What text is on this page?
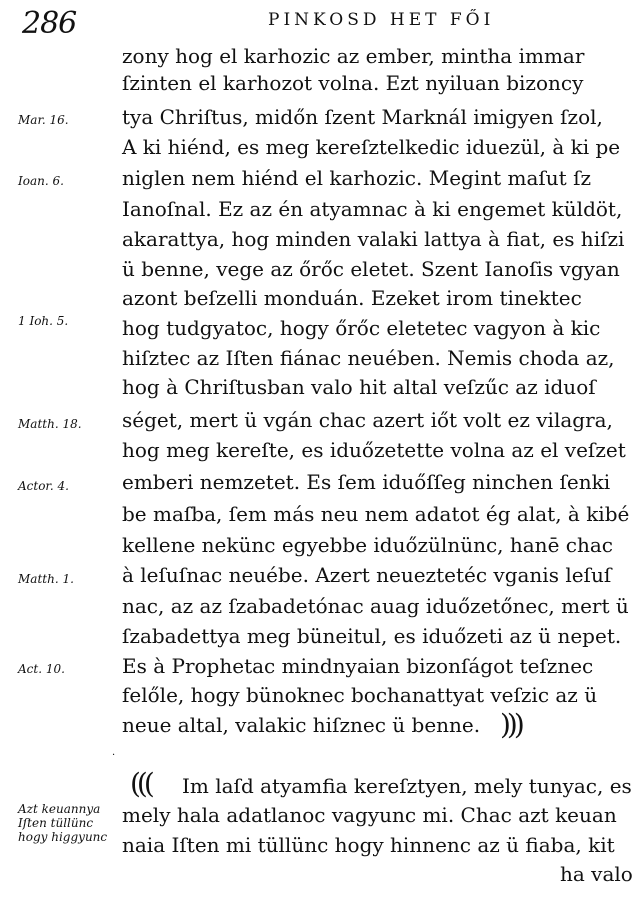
286	PINKOSD HET FŐI
zony hog el karhozic az ember, mintha immar
ſzinten el karhozot volna. Ezt nyiluan bizoncy
tya Chriſtus, midőn ſzent Marknál imigyen ſzol,
A ki hiénd, es meg kereſztelkedic iduezül, à ki pe
niglen nem hiénd el karhozic. Megint maſut ſz
Ianoſnal. Ez az én atyamnac à ki engemet küldöt,
akarattya, hog minden valaki lattya à fiat, es hiſzi
ü benne, vege az őrőc eletet. Szent Ianoſis vgyan
azont beſzelli monduán. Ezeket irom tinektec
hog tudgyatoc, hogy őrőc eletetec vagyon à kic
hiſztec az Iſten fiánac neuében. Nemis choda az,
hog à Chriſtusban valo hit altal veſzűc az iduoſ
séget, mert ü vgán chac azert iőt volt ez vilagra,
hog meg kereſte, es iduőzetette volna az el veſzet
emberi nemzetet. Es ſem iduőſſeg ninchen ſenki
be maſba, ſem más neu nem adatot ég alat, à kibé
kellene nekünc egyebbe iduőzülnünc, hanē chac
à leſuſnac neuébe. Azert neueztetéc vganis leſuſ
nac, az az ſzabadetónac auag iduőzetőnec, mert ü
ſzabadettya meg büneitul, es iduőzeti az ü nepet.
Es à Prophetac mindnyaian bizonſágot teſznec
felőle, hogy bünoknec bochanattyat veſzic az ü
neue altal, valakic hiſznec ü benne. )))
·
((( Im laſd atyamfia kereſztyen, mely tunyac, es
mely hala adatlanoc vagyunc mi. Chac azt keuan
naia Iſten mi tüllünc hogy hinnenc az ü fiaba, kit
ha valo
Mar. 16.
Ioan. 6.
1 Ioh. 5.
Matth. 18.
Actor. 4.
Matth. 1.
Act. 10.
Azt keuannya Iſten tüllünc hogy higgyunc
